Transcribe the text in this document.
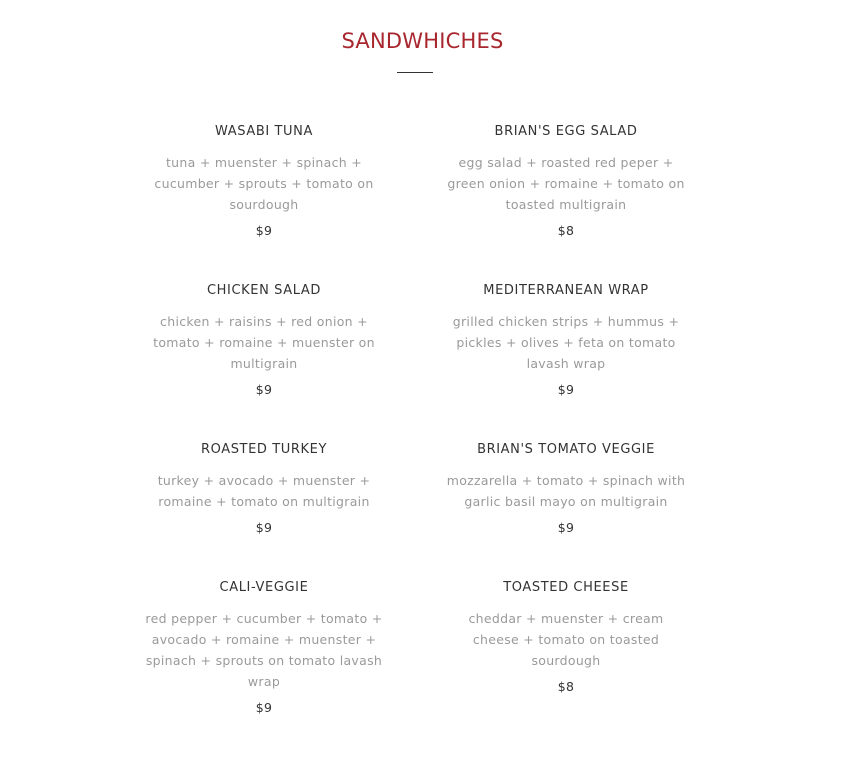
SANDWHICHES
WASABI TUNA
tuna + muenster + spinach + cucumber + sprouts + tomato on sourdough
$9
BRIAN'S EGG SALAD
egg salad + roasted red peper + green onion + romaine + tomato on toasted multigrain
$8
CHICKEN SALAD
chicken + raisins + red onion + tomato + romaine + muenster on multigrain
$9
MEDITERRANEAN WRAP
grilled chicken strips + hummus + pickles + olives + feta on tomato lavash wrap
$9
ROASTED TURKEY
turkey + avocado + muenster + romaine + tomato on multigrain
$9
BRIAN'S TOMATO VEGGIE
mozzarella + tomato + spinach with garlic basil mayo on multigrain
$9
CALI-VEGGIE
red pepper + cucumber + tomato + avocado + romaine + muenster + spinach + sprouts on tomato lavash wrap
$9
TOASTED CHEESE
cheddar + muenster + cream cheese + tomato on toasted sourdough
$8
